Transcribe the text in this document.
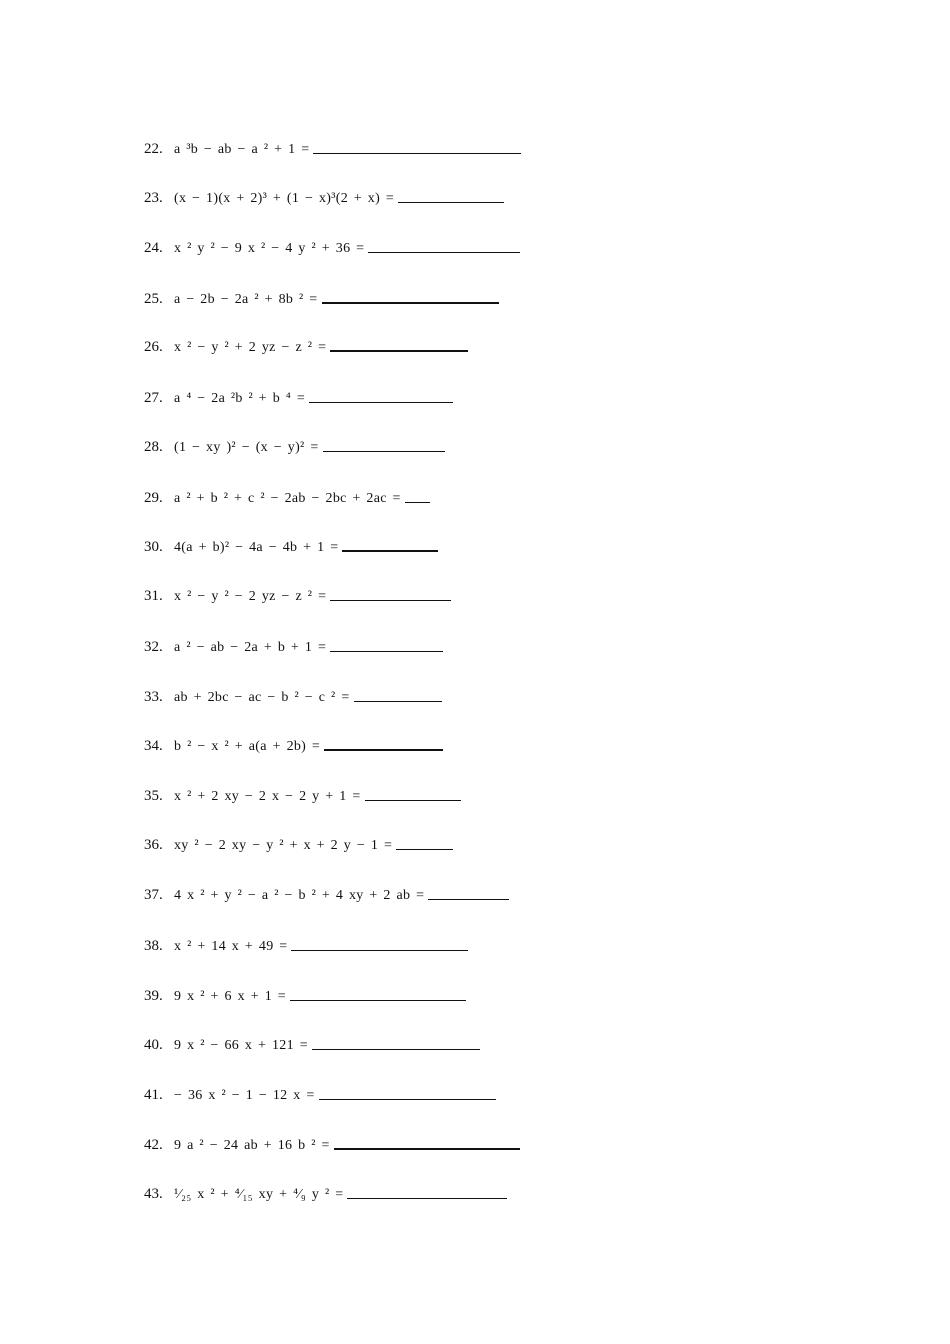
22. a ³b − ab − a ² + 1 =
23. (x − 1)(x + 2)³ + (1 − x)³(2 + x) =
24. x ² y ² − 9 x ² − 4 y ² + 36 =
25. a − 2b − 2a ² + 8b ² =
26. x ² − y ² + 2 yz − z ² =
27. a ⁴ − 2a ²b ² + b ⁴ =
28. (1 − xy )² − (x − y)² =
29. a ² + b ² + c ² − 2ab − 2bc + 2ac =
30. 4(a + b)² − 4a − 4b + 1 =
31. x ² − y ² − 2 yz − z ² =
32. a ² − ab − 2a + b + 1 =
33. ab + 2bc − ac − b ² − c ² =
34. b ² − x ² + a(a + 2b) =
35. x ² + 2 xy − 2 x − 2 y + 1 =
36. xy ² − 2 xy − y ² + x + 2 y − 1 =
37. 4 x ² + y ² − a ² − b ² + 4 xy + 2 ab =
38. x ² + 14 x + 49 =
39. 9 x ² + 6 x + 1 =
40. 9 x ² − 66 x + 121 =
41. − 36 x ² − 1 − 12 x =
42. 9 a ² − 24 ab + 16 b ² =
43. ¹⁄₂₅ x ² + ⁴⁄₁₅ xy + ⁴⁄₉ y ² =
